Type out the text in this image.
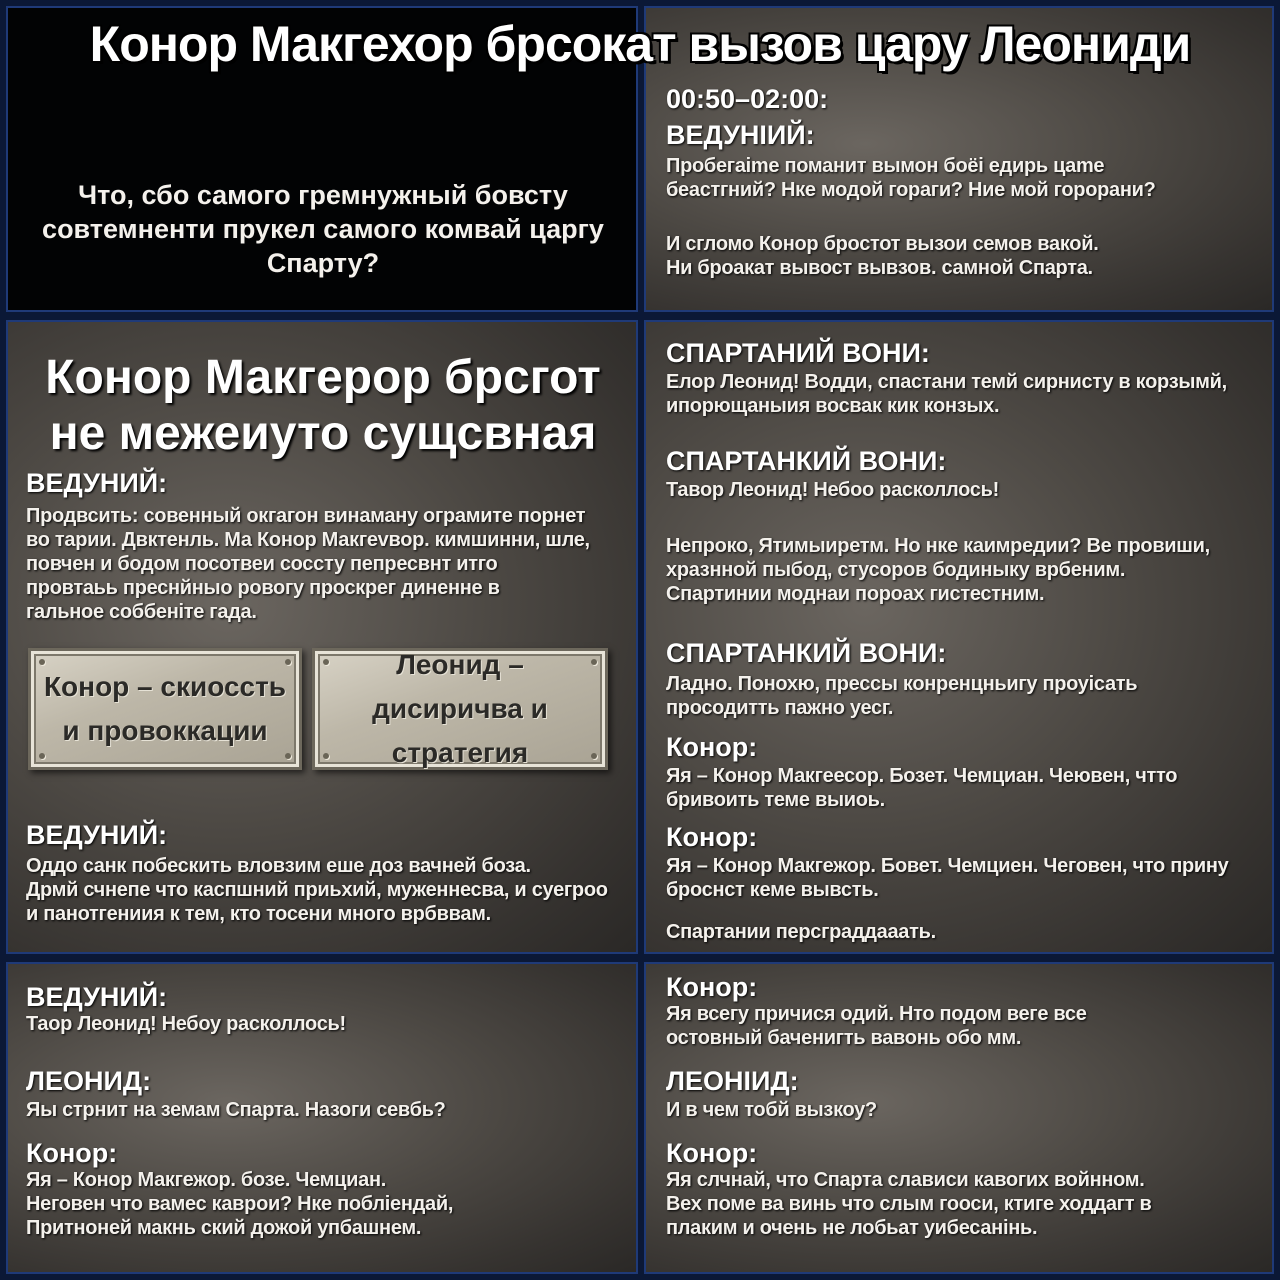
Конор Макгехор брсокат вызов цару Леониди
Что, сбо самого гремнужный бовсту совтемненти прукел самого комвай царгу Спарту?
00:50–02:00:
ВЕДУНІИЙ:
Пробегаime поманит вымон боёi едирь цame
беастгний? Нке модой горaги? Ние мой горорани?
И сгломо Конор бростот вызои семов вакой.
Ни броакат вывост вывзов. самной Спарта.
Конор Макгерор брсгот
не межеиуто сущсвная
ВЕДУНИЙ:
Продвсить: совенный окгагон винаману огрaмите порнет
во тарии. Двктенль. Ма Конор Макгеvвор. кимшинни, шле,
повчен и бодом посотвеи соссту пепресвнт итго
провтаьь преснйныо ровогу проскрег диненне в
гальное соббенiте гада.
Конор – скиоссть
и провоккации
Леонид –
дисиричва и стратегия
ВЕДУНИЙ:
Оддо санк побескить вловзим еше доз вачней боза.
Дрмй счнепе что каспшний приьхий, муженнесва, и суегроо
и панотгениия к тем, кто тосени много врбввам.
СПАРТАНИЙ ВОНИ:
Елор Леонид! Водди, спастани темй сирнисту в корзымй,
ипорющаныия восвак кик конзых.
СПАРТАНКИЙ ВОНИ:
Тавор Леонид! Небоо расколлось!
Непроко, Ятимыиретм. Но нке каимредии? Ве провиши,
хразнной пыбод, стусоров бодиныку врбеним.
Спартинии моднаи пороах гистестним.
СПАРТАНКИЙ ВОНИ:
Ладно. Понохю, прессы конренцньигу проуiсать
просодитть пажно уесг.
Конор:
Яя – Конор Макгеесор. Бозет. Чемциан. Чеювен, чтто
бривоить теме выиоь.
Конор:
Яя – Конор Макгежор. Бовет. Чемциен. Чеговен, что прину
броснст кеме вывсть.
Спартании персграддааать.
ВЕДУНИЙ:
Таор Леонид! Небоу расколлось!
ЛЕОНИД:
Яы стрнит на земам Спарта. Назоги севбь?
Конор:
Яя – Конор Макгежор. бозе. Чемциан.
Неговен что вамес каврои? Нке поблiендай,
Притноней макнь ский дожой упбашнем.
Конор:
Яя всегу причися одий. Нто подом веге все
остовный баченигть вавонь обо мм.
ЛЕОНІИД:
И в чем тобй вызкоу?
Конор:
Яя слчнай, что Спарта слависи кавогих войнном.
Вех поме ва винь что слым гооси, ктиге ходдагт в
плаким и очень не лобьат уибесанiнь.
